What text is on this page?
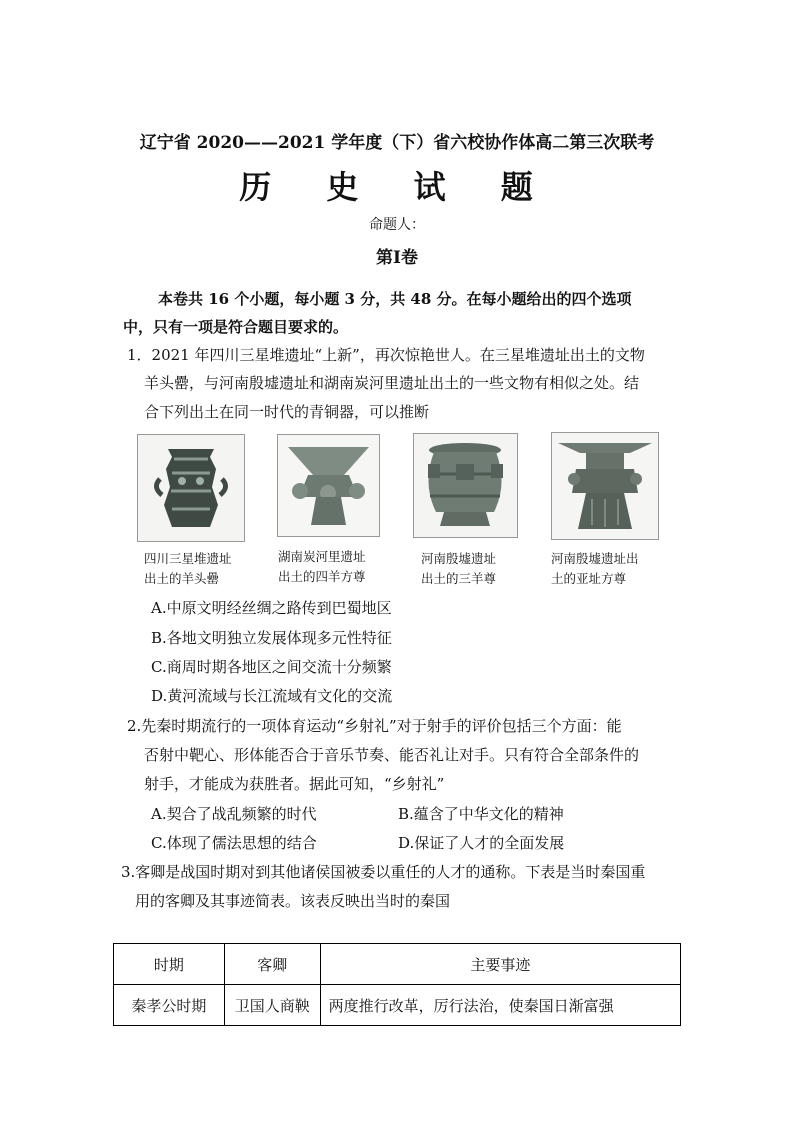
辽宁省 2020——2021 学年度（下）省六校协作体高二第三次联考
历 史 试 题
命题人：
第Ⅰ卷
本卷共 16 个小题，每小题 3 分，共 48 分。在每小题给出的四个选项
中，只有一项是符合题目要求的。
1．2021 年四川三星堆遗址“上新”，再次惊艳世人。在三星堆遗址出土的文物
羊头罍，与河南殷墟遗址和湖南炭河里遗址出土的一些文物有相似之处。结
合下列出土在同一时代的青铜器，可以推断
四川三星堆遗址
出土的羊头罍
湖南炭河里遗址
出土的四羊方尊
河南殷墟遗址
出土的三羊尊
河南殷墟遗址出
土的亚址方尊
A.中原文明经丝绸之路传到巴蜀地区
B.各地文明独立发展体现多元性特征
C.商周时期各地区之间交流十分频繁
D.黄河流域与长江流域有文化的交流
2.先秦时期流行的一项体育运动“乡射礼”对于射手的评价包括三个方面：能
否射中靶心、形体能否合于音乐节奏、能否礼让对手。只有符合全部条件的
射手，才能成为获胜者。据此可知，“乡射礼”
A.契合了战乱频繁的时代	B.蕴含了中华文化的精神
C.体现了儒法思想的结合	D.保证了人才的全面发展
3.客卿是战国时期对到其他诸侯国被委以重任的人才的通称。下表是当时秦国重
用的客卿及其事迹简表。该表反映出当时的秦国
时期	客卿	主要事迹
秦孝公时期	卫国人商鞅	两度推行改革，厉行法治，使秦国日渐富强
